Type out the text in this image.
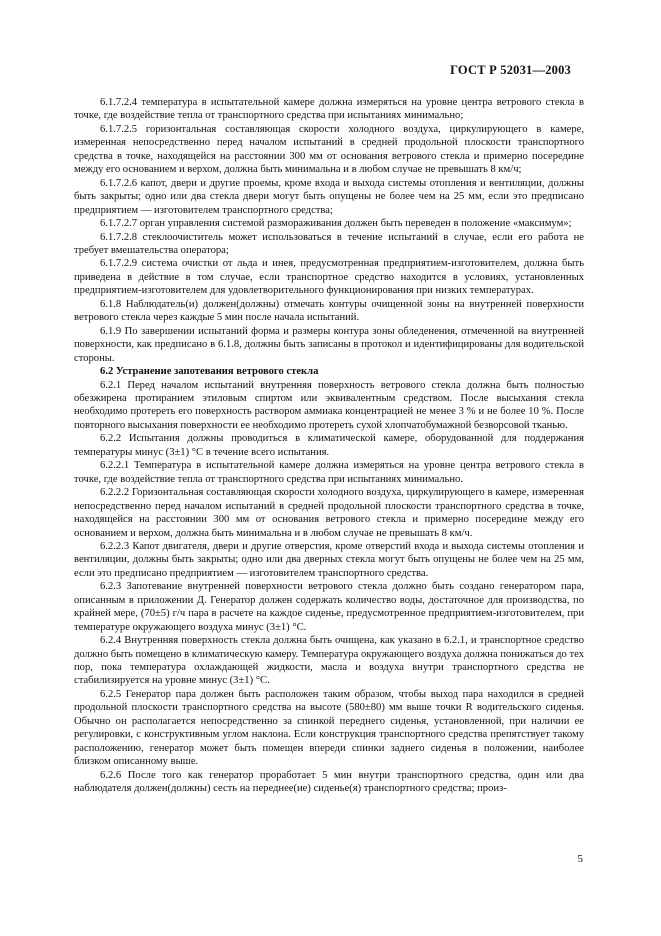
ГОСТ Р 52031—2003

6.1.7.2.4 температура в испытательной камере должна измеряться на уровне центра ветрового стекла в точке, где воздействие тепла от транспортного средства при испытаниях минимально;

6.1.7.2.5 горизонтальная составляющая скорости холодного воздуха, циркулирующего в камере, измеренная непосредственно перед началом испытаний в средней продольной плоскости транспортного средства в точке, находящейся на расстоянии 300 мм от основания ветрового стекла и примерно посередине между его основанием и верхом, должна быть минимальна и в любом случае не превышать 8 км/ч;

6.1.7.2.6 капот, двери и другие проемы, кроме входа и выхода системы отопления и вентиляции, должны быть закрыты; одно или два стекла двери могут быть опущены не более чем на 25 мм, если это предписано предприятием — изготовителем транспортного средства;

6.1.7.2.7 орган управления системой размораживания должен быть переведен в положение «максимум»;

6.1.7.2.8 стеклоочиститель может использоваться в течение испытаний в случае, если его работа не требует вмешательства оператора;

6.1.7.2.9 система очистки от льда и инея, предусмотренная предприятием-изготовителем, должна быть приведена в действие в том случае, если транспортное средство находится в условиях, установленных предприятием-изготовителем для удовлетворительного функционирования при низких температурах.

6.1.8 Наблюдатель(и) должен(должны) отмечать контуры очищенной зоны на внутренней поверхности ветрового стекла через каждые 5 мин после начала испытаний.

6.1.9 По завершении испытаний форма и размеры контура зоны обледенения, отмеченной на внутренней поверхности, как предписано в 6.1.8, должны быть записаны в протокол и идентифицированы для водительской стороны.

6.2 Устранение запотевания ветрового стекла

6.2.1 Перед началом испытаний внутренняя поверхность ветрового стекла должна быть полностью обезжирена протиранием этиловым спиртом или эквивалентным средством. После высыхания стекла необходимо протереть его поверхность раствором аммиака концентрацией не менее 3 % и не более 10 %. После повторного высыхания поверхности ее необходимо протереть сухой хлопчатобумажной безворсовой тканью.

6.2.2 Испытания должны проводиться в климатической камере, оборудованной для поддержания температуры минус (3±1) °С в течение всего испытания.

6.2.2.1 Температура в испытательной камере должна измеряться на уровне центра ветрового стекла в точке, где воздействие тепла от транспортного средства при испытаниях минимально.

6.2.2.2 Горизонтальная составляющая скорости холодного воздуха, циркулирующего в камере, измеренная непосредственно перед началом испытаний в средней продольной плоскости транспортного средства в точке, находящейся на расстоянии 300 мм от основания ветрового стекла и примерно посередине между его основанием и верхом, должна быть минимальна и в любом случае не превышать 8 км/ч.

6.2.2.3 Капот двигателя, двери и другие отверстия, кроме отверстий входа и выхода системы отопления и вентиляции, должны быть закрыты; одно или два дверных стекла могут быть опущены не более чем на 25 мм, если это предписано предприятием — изготовителем транспортного средства.

6.2.3 Запотевание внутренней поверхности ветрового стекла должно быть создано генератором пара, описанным в приложении Д. Генератор должен содержать количество воды, достаточное для производства, по крайней мере, (70±5) г/ч пара в расчете на каждое сиденье, предусмотренное предприятием-изготовителем, при температуре окружающего воздуха минус (3±1) °С.

6.2.4 Внутренняя поверхность стекла должна быть очищена, как указано в 6.2.1, и транспортное средство должно быть помещено в климатическую камеру. Температура окружающего воздуха должна понижаться до тех пор, пока температура охлаждающей жидкости, масла и воздуха внутри транспортного средства не стабилизируется на уровне минус (3±1) °С.

6.2.5 Генератор пара должен быть расположен таким образом, чтобы выход пара находился в средней продольной плоскости транспортного средства на высоте (580±80) мм выше точки R водительского сиденья. Обычно он располагается непосредственно за спинкой переднего сиденья, установленной, при наличии ее регулировки, с конструктивным углом наклона. Если конструкция транспортного средства препятствует такому расположению, генератор может быть помещен впереди спинки заднего сиденья в положении, наиболее близком описанному выше.

6.2.6 После того как генератор проработает 5 мин внутри транспортного средства, один или два наблюдателя должен(должны) сесть на переднее(ие) сиденье(я) транспортного средства; произ-

5
